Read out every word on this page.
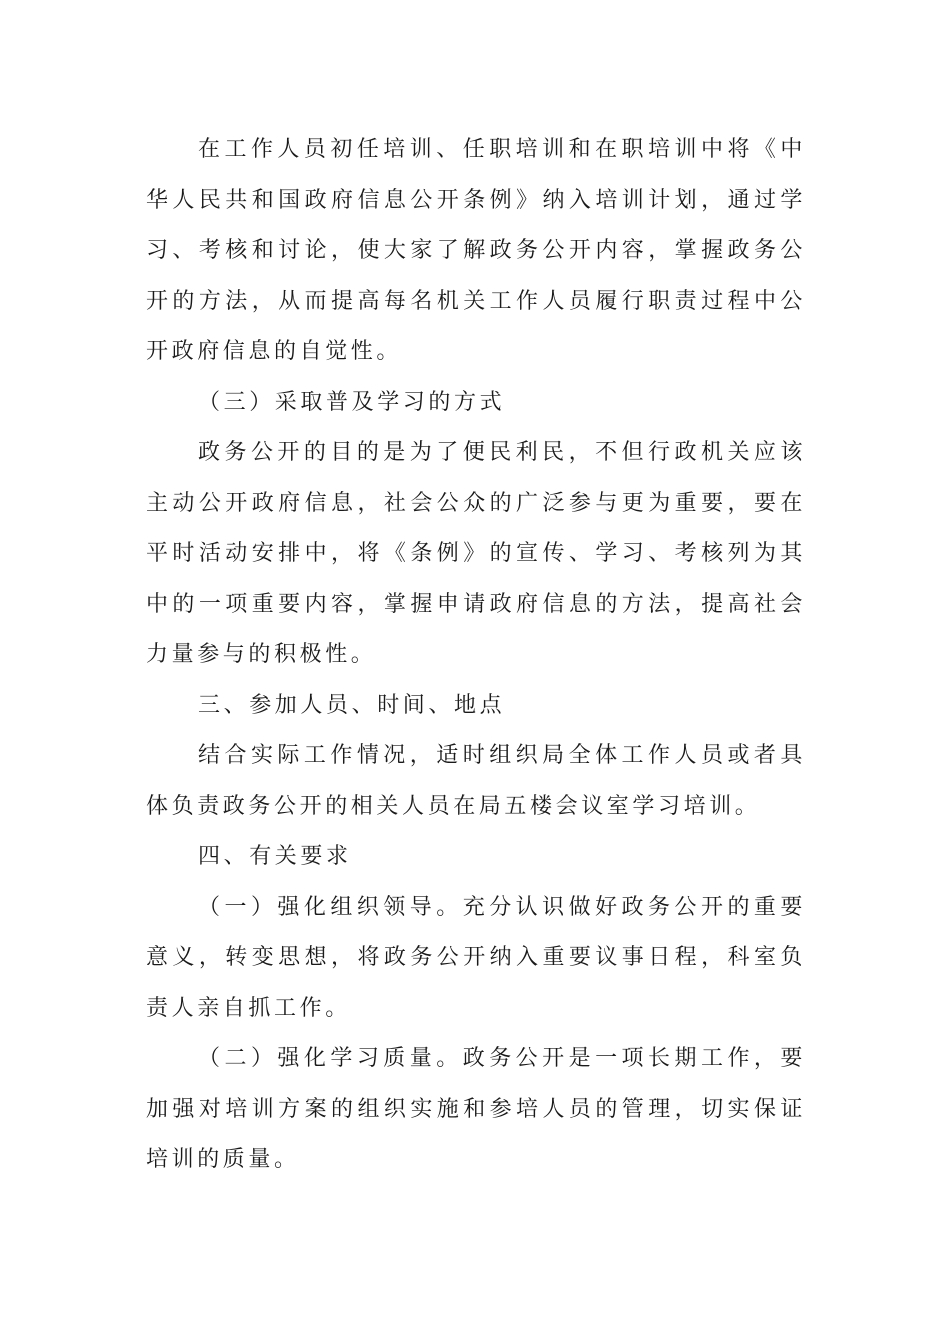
在工作人员初任培训、任职培训和在职培训中将《中华人民共和国政府信息公开条例》纳入培训计划，通过学习、考核和讨论，使大家了解政务公开内容，掌握政务公开的方法，从而提高每名机关工作人员履行职责过程中公开政府信息的自觉性。

（三）采取普及学习的方式

政务公开的目的是为了便民利民，不但行政机关应该主动公开政府信息，社会公众的广泛参与更为重要，要在平时活动安排中，将《条例》的宣传、学习、考核列为其中的一项重要内容，掌握申请政府信息的方法，提高社会力量参与的积极性。

三、参加人员、时间、地点

结合实际工作情况，适时组织局全体工作人员或者具体负责政务公开的相关人员在局五楼会议室学习培训。

四、有关要求

（一）强化组织领导。充分认识做好政务公开的重要意义，转变思想，将政务公开纳入重要议事日程，科室负责人亲自抓工作。

（二）强化学习质量。政务公开是一项长期工作，要加强对培训方案的组织实施和参培人员的管理，切实保证培训的质量。
